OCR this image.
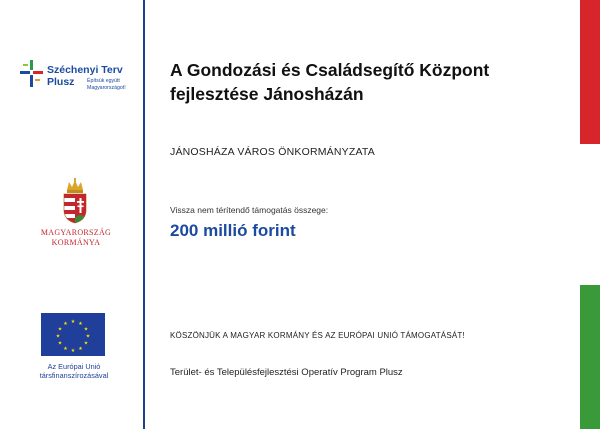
Széchenyi Terv
Plusz Építsük együtt
Magyarországot!
MAGYARORSZÁG
KORMÁNYA
★ ★
★
★
★
★
★
★
★
★
★
★
Az Európai Unió
társfinanszírozásával
A Gondozási és Családsegítő Központ fejlesztése Jánosházán
JÁNOSHÁZA VÁROS ÖNKORMÁNYZATA
Vissza nem térítendő támogatás összege:
200 millió forint
KÖSZÖNJÜK A MAGYAR KORMÁNY ÉS AZ EURÓPAI UNIÓ TÁMOGATÁSÁT!
Terület- és Településfejlesztési Operatív Program Plusz
